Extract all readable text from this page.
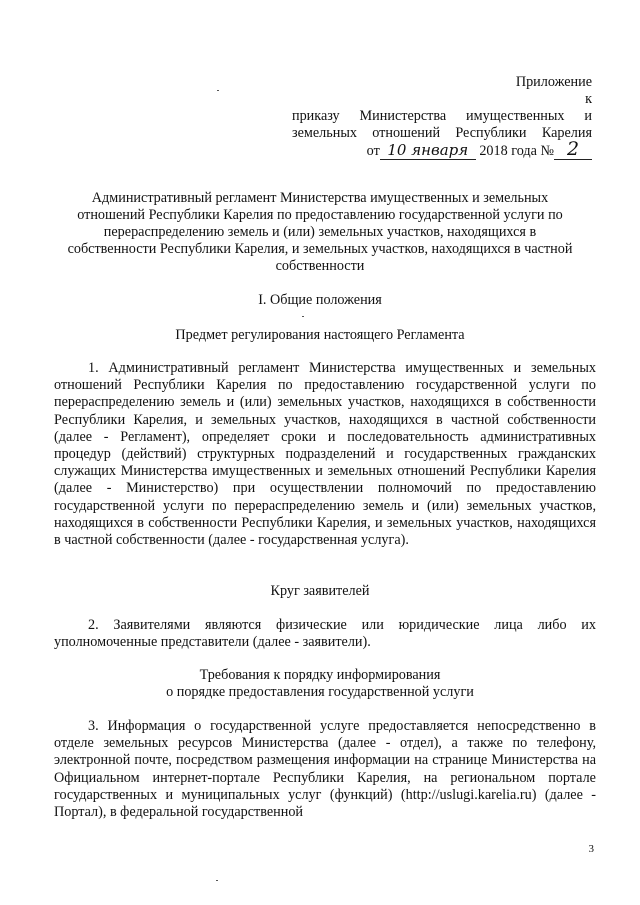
Приложение
к
приказу Министерства имущественных и
земельных отношений Республики Карелия
от 10 января 2018 года № 2
Административный регламент Министерства имущественных и земельных отношений Республики Карелия по предоставлению государственной услуги по перераспределению земель и (или) земельных участков, находящихся в собственности Республики Карелия, и земельных участков, находящихся в частной собственности
I. Общие положения
Предмет регулирования настоящего Регламента
1. Административный регламент Министерства имущественных и земельных отношений Республики Карелия по предоставлению государственной услуги по перераспределению земель и (или) земельных участков, находящихся в собственности Республики Карелия, и земельных участков, находящихся в частной собственности (далее - Регламент), определяет сроки и последовательность административных процедур (действий) структурных подразделений и государственных гражданских служащих Министерства имущественных и земельных отношений Республики Карелия (далее - Министерство) при осуществлении полномочий по предоставлению государственной услуги по перераспределению земель и (или) земельных участков, находящихся в собственности Республики Карелия, и земельных участков, находящихся в частной собственности (далее - государственная услуга).
Круг заявителей
2. Заявителями являются физические или юридические лица либо их уполномоченные представители (далее - заявители).
Требования к порядку информирования
о порядке предоставления государственной услуги
3. Информация о государственной услуге предоставляется непосредственно в отделе земельных ресурсов Министерства (далее - отдел), а также по телефону, электронной почте, посредством размещения информации на странице Министерства на Официальном интернет-портале Республики Карелия, на региональном портале государственных и муниципальных услуг (функций) (http://uslugi.karelia.ru) (далее - Портал), в федеральной государственной
3
